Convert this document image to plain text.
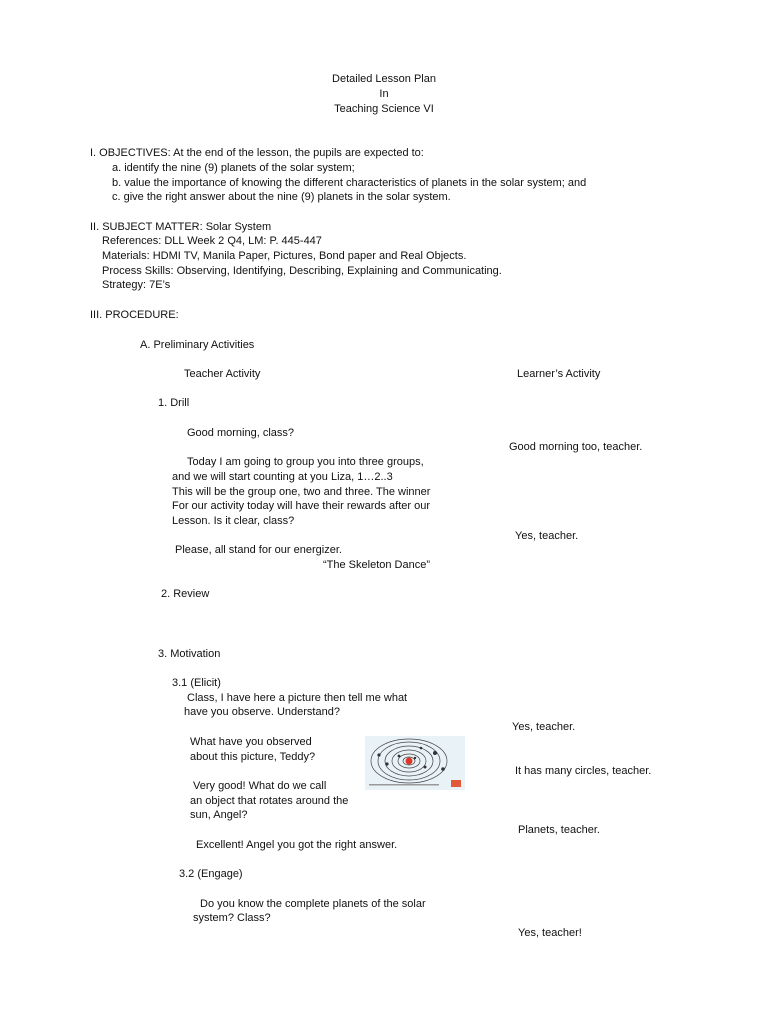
Detailed Lesson Plan
In
Teaching Science VI
I. OBJECTIVES: At the end of the lesson, the pupils are expected to:
a. identify the nine (9) planets of the solar system;
b. value the importance of knowing the different characteristics of planets in the solar system; and
c. give the right answer about the nine (9) planets in the solar system.
II. SUBJECT MATTER: Solar System
References: DLL Week 2 Q4, LM: P. 445-447
Materials: HDMI TV, Manila Paper, Pictures, Bond paper and Real Objects.
Process Skills: Observing, Identifying, Describing, Explaining and Communicating.
Strategy: 7E’s
III. PROCEDURE:
A. Preliminary Activities
Teacher Activity	Learner’s Activity
1. Drill
Good morning, class?
Good morning too, teacher.
Today I am going to group you into three groups,
and we will start counting at you Liza, 1…2..3
This will be the group one, two and three. The winner
For our activity today will have their rewards after our
Lesson. Is it clear, class?
Yes, teacher.
Please, all stand for our energizer.
“The Skeleton Dance”
2. Review
3. Motivation
3.1 (Elicit)
Class, I have here a picture then tell me what
have you observe. Understand?
Yes, teacher.
What have you observed
about this picture, Teddy?
It has many circles, teacher.
Very good! What do we call
an object that rotates around the
sun, Angel?
Planets, teacher.
Excellent! Angel you got the right answer.
3.2 (Engage)
Do you know the complete planets of the solar
system? Class?
Yes, teacher!
